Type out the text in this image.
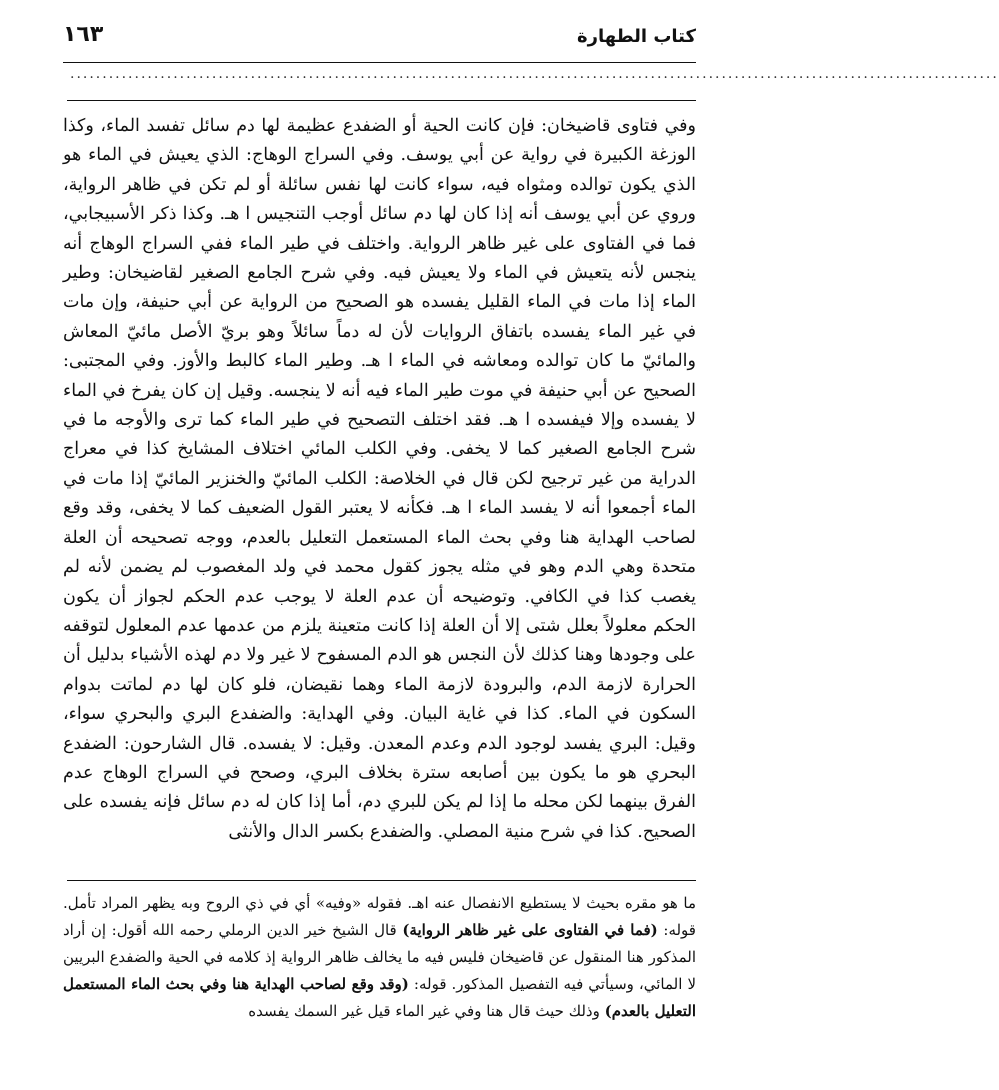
كتاب الطهارة
١٦٣
................................................................................................................................................

وفي فتاوى قاضيخان: فإن كانت الحية أو الضفدع عظيمة لها دم سائل تفسد الماء، وكذا الوزغة الكبيرة في رواية عن أبي يوسف. وفي السراج الوهاج: الذي يعيش في الماء هو الذي يكون توالده ومثواه فيه، سواء كانت لها نفس سائلة أو لم تكن في ظاهر الرواية، وروي عن أبي يوسف أنه إذا كان لها دم سائل أوجب التنجيس ا هـ. وكذا ذكر الأسبيجابي، فما في الفتاوى على غير ظاهر الرواية. واختلف في طير الماء ففي السراج الوهاج أنه ينجس لأنه يتعيش في الماء ولا يعيش فيه. وفي شرح الجامع الصغير لقاضيخان: وطير الماء إذا مات في الماء القليل يفسده هو الصحيح من الرواية عن أبي حنيفة، وإن مات في غير الماء يفسده باتفاق الروايات لأن له دماً سائلاً وهو بريّ الأصل مائيّ المعاش والمائيّ ما كان توالده ومعاشه في الماء ا هـ. وطير الماء كالبط والأوز. وفي المجتبى: الصحيح عن أبي حنيفة في موت طير الماء فيه أنه لا ينجسه. وقيل إن كان يفرخ في الماء لا يفسده وإلا فيفسده ا هـ. فقد اختلف التصحيح في طير الماء كما ترى والأوجه ما في شرح الجامع الصغير كما لا يخفى. وفي الكلب المائي اختلاف المشايخ كذا في معراج الدراية من غير ترجيح لكن قال في الخلاصة: الكلب المائيّ والخنزير المائيّ إذا مات في الماء أجمعوا أنه لا يفسد الماء ا هـ. فكأنه لا يعتبر القول الضعيف كما لا يخفى، وقد وقع لصاحب الهداية هنا وفي بحث الماء المستعمل التعليل بالعدم، ووجه تصحيحه أن العلة متحدة وهي الدم وهو في مثله يجوز كقول محمد في ولد المغصوب لم يضمن لأنه لم يغصب كذا في الكافي. وتوضيحه أن عدم العلة لا يوجب عدم الحكم لجواز أن يكون الحكم معلولاً بعلل شتى إلا أن العلة إذا كانت متعينة يلزم من عدمها عدم المعلول لتوقفه على وجودها وهنا كذلك لأن النجس هو الدم المسفوح لا غير ولا دم لهذه الأشياء بدليل أن الحرارة لازمة الدم، والبرودة لازمة الماء وهما نقيضان، فلو كان لها دم لماتت بدوام السكون في الماء. كذا في غاية البيان. وفي الهداية: والضفدع البري والبحري سواء، وقيل: البري يفسد لوجود الدم وعدم المعدن. وقيل: لا يفسده. قال الشارحون: الضفدع البحري هو ما يكون بين أصابعه سترة بخلاف البري، وصحح في السراج الوهاج عدم الفرق بينهما لكن محله ما إذا لم يكن للبري دم، أما إذا كان له دم سائل فإنه يفسده على الصحيح. كذا في شرح منية المصلي. والضفدع بكسر الدال والأنثى

ما هو مقره بحيث لا يستطيع الانفصال عنه اهـ. فقوله «وفيه» أي في ذي الروح وبه يظهر المراد تأمل. قوله: (فما في الفتاوى على غير ظاهر الرواية) قال الشيخ خير الدين الرملي رحمه الله أقول: إن أراد المذكور هنا المنقول عن قاضيخان فليس فيه ما يخالف ظاهر الرواية إذ كلامه في الحية والضفدع البريين لا المائي، وسيأتي فيه التفصيل المذكور. قوله: (وقد وقع لصاحب الهداية هنا وفي بحث الماء المستعمل التعليل بالعدم) وذلك حيث قال هنا وفي غير الماء قيل غير السمك يفسده
